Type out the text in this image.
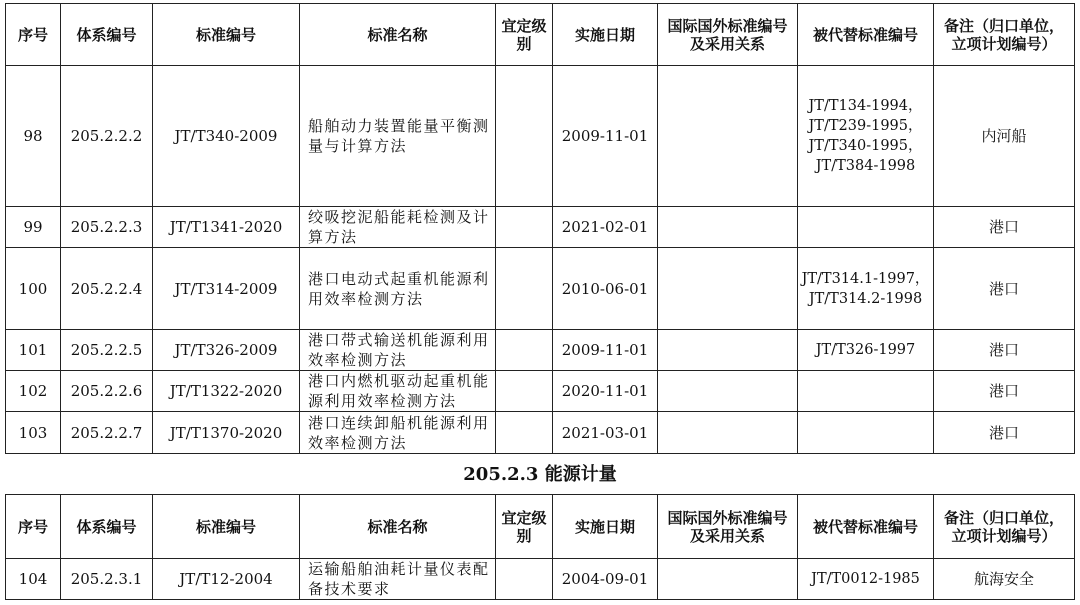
序号	体系编号	标准编号	标准名称	宜定级别	实施日期	国际国外标准编号及采用关系	被代替标准编号	备注（归口单位，立项计划编号）
98	205.2.2.2	JT/T340-2009	船舶动力装置能量平衡测量与计算方法		2009-11-01		JT/T134-1994，JT/T239-1995，JT/T340-1995，JT/T384-1998	内河船
99	205.2.2.3	JT/T1341-2020	绞吸挖泥船能耗检测及计算方法		2021-02-01			港口
100	205.2.2.4	JT/T314-2009	港口电动式起重机能源利用效率检测方法		2010-06-01		JT/T314.1-1997，JT/T314.2-1998	港口
101	205.2.2.5	JT/T326-2009	港口带式输送机能源利用效率检测方法		2009-11-01		JT/T326-1997	港口
102	205.2.2.6	JT/T1322-2020	港口内燃机驱动起重机能源利用效率检测方法		2020-11-01			港口
103	205.2.2.7	JT/T1370-2020	港口连续卸船机能源利用效率检测方法		2021-03-01			港口
205.2.3 能源计量
序号	体系编号	标准编号	标准名称	宜定级别	实施日期	国际国外标准编号及采用关系	被代替标准编号	备注（归口单位，立项计划编号）
104	205.2.3.1	JT/T12-2004	运输船舶油耗计量仪表配备技术要求		2004-09-01		JT/T0012-1985	航海安全
